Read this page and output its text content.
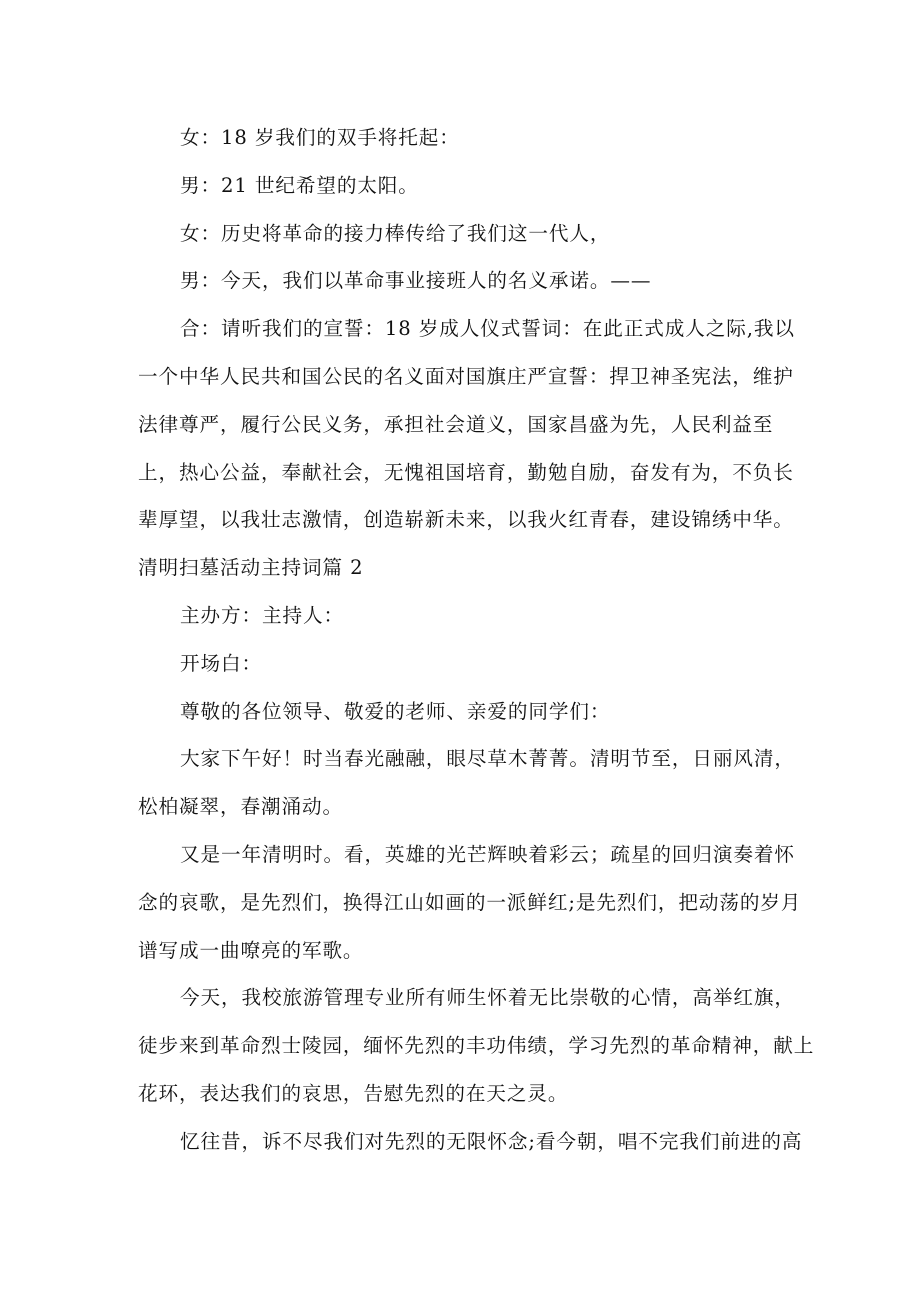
女：18 岁我们的双手将托起：
男：21 世纪希望的太阳。
女：历史将革命的接力棒传给了我们这一代人，
男：今天，我们以革命事业接班人的名义承诺。——
合：请听我们的宣誓：18 岁成人仪式誓词：在此正式成人之际,我以
一个中华人民共和国公民的名义面对国旗庄严宣誓：捍卫神圣宪法，维护
法律尊严，履行公民义务，承担社会道义，国家昌盛为先，人民利益至
上，热心公益，奉献社会，无愧祖国培育，勤勉自励，奋发有为，不负长
辈厚望，以我壮志激情，创造崭新未来，以我火红青春，建设锦绣中华。
清明扫墓活动主持词篇 2
主办方：主持人：
开场白：
尊敬的各位领导、敬爱的老师、亲爱的同学们：
大家下午好！时当春光融融，眼尽草木菁菁。清明节至，日丽风清，
松柏凝翠，春潮涌动。
又是一年清明时。看，英雄的光芒辉映着彩云；疏星的回归演奏着怀
念的哀歌，是先烈们，换得江山如画的一派鲜红;是先烈们，把动荡的岁月
谱写成一曲嘹亮的军歌。
今天，我校旅游管理专业所有师生怀着无比崇敬的心情，高举红旗，
徒步来到革命烈士陵园，缅怀先烈的丰功伟绩，学习先烈的革命精神，献上
花环，表达我们的哀思，告慰先烈的在天之灵。
忆往昔，诉不尽我们对先烈的无限怀念;看今朝，唱不完我们前进的高
